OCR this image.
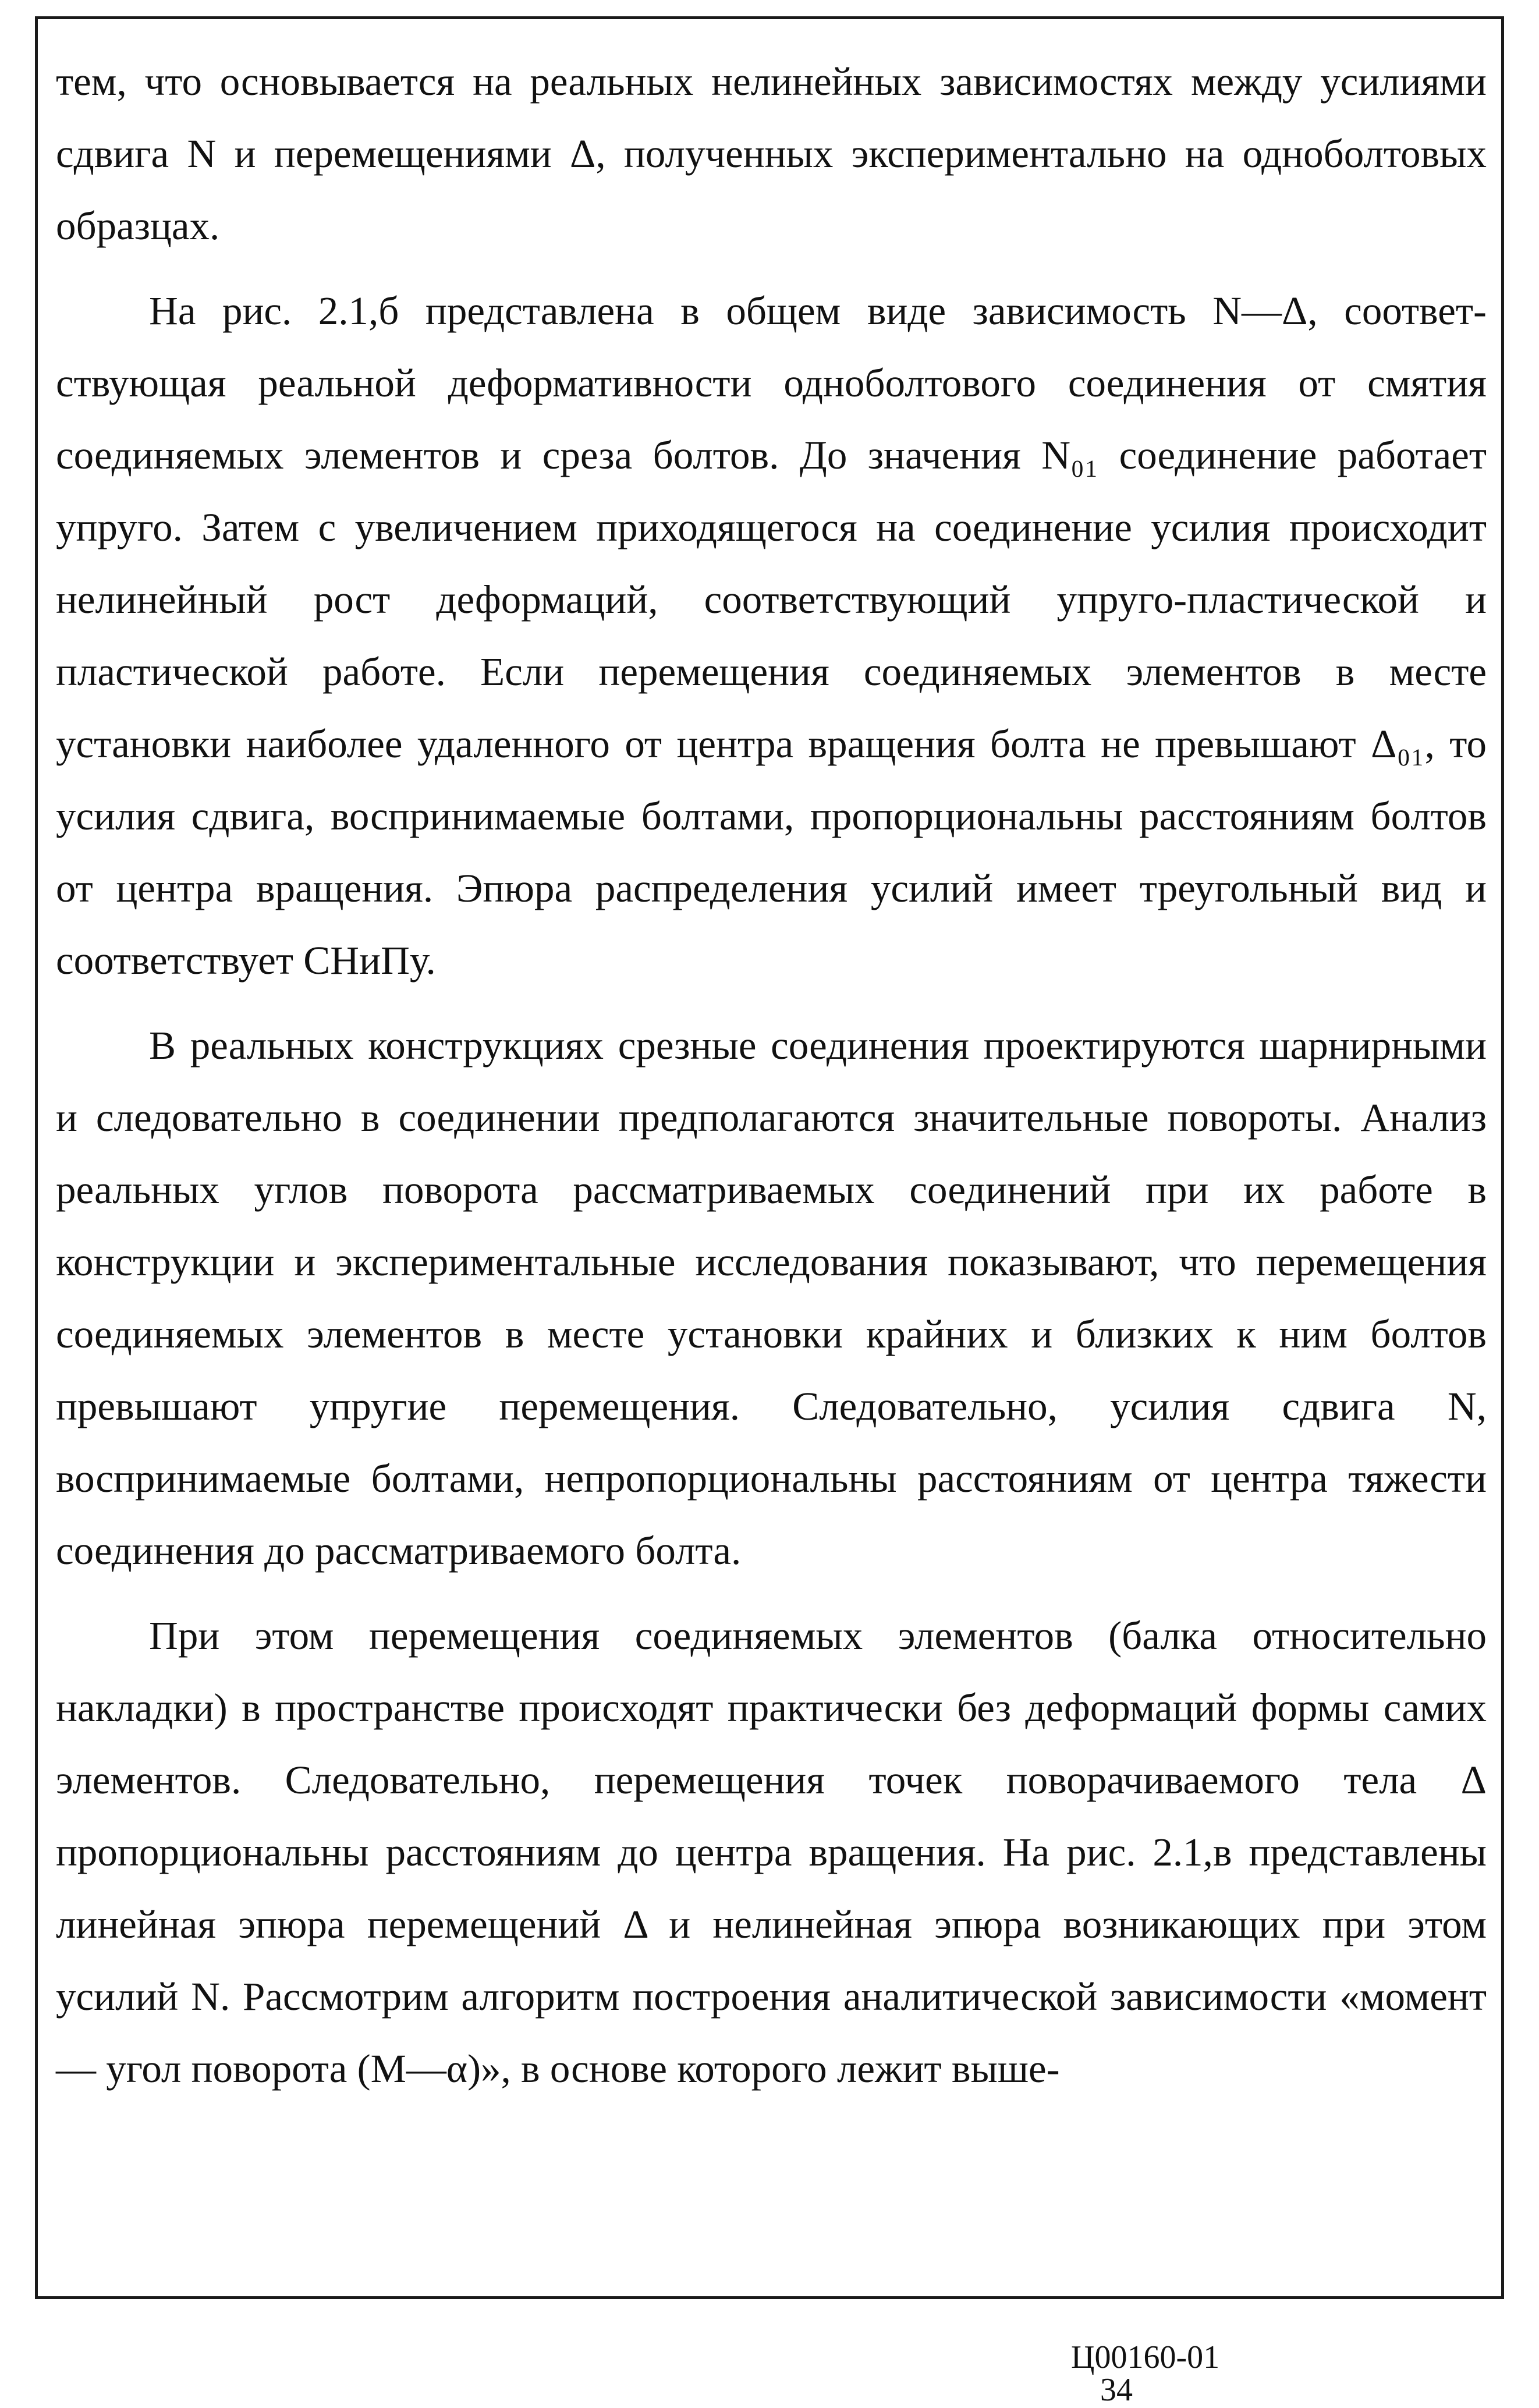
тем, что основывается на реальных нелинейных зависимостях между усилиями сдвига N и перемещениями Δ, полученных экспериментально на однoболтовых образцах.

На рис. 2.1,б представлена в общем виде зависимость N—Δ, соответствующая реальной деформативности одноболтового соединения от смятия соединяемых элементов и среза болтов. До значения N₀₁ соединение работает упруго. Затем с увеличением приходящегося на соединение усилия происходит нелинейный рост деформаций, соответствующий упруго-пластической и пластической работе. Если перемещения соединяемых элементов в месте установки наиболее удаленного от центра вращения болта не превышают Δ₀₁, то усилия сдвига, воспринимаемые болтами, пропорциональны расстояниям болтов от центра вращения. Эпюра распределения усилий имеет треугольный вид и соответствует СНиПу.

В реальных конструкциях срезные соединения проектируются шарнирными и следовательно в соединении предполагаются значительные повороты. Анализ реальных углов поворота рассматриваемых соединений при их работе в конструкции и экспериментальные исследования показывают, что перемещения соединяемых элементов в месте установки крайних и близких к ним болтов превышают упругие перемещения. Следовательно, усилия сдвига N, воспринимаемые болтами, непропорциональны расстояниям от центра тяжести соединения до рассматриваемого болта.

При этом перемещения соединяемых элементов (балка относительно накладки) в пространстве происходят практически без деформаций формы самих элементов. Следовательно, перемещения точек поворачиваемого тела Δ пропорциональны расстояниям до центра вращения. На рис. 2.1,в представлены линейная эпюра перемещений Δ и нелинейная эпюра возникающих при этом усилий N. Рассмотрим алгоритм построения аналитической зависимости «момент — угол поворота (М—α)», в основе которого лежит выше-

Ц00160-01
34
